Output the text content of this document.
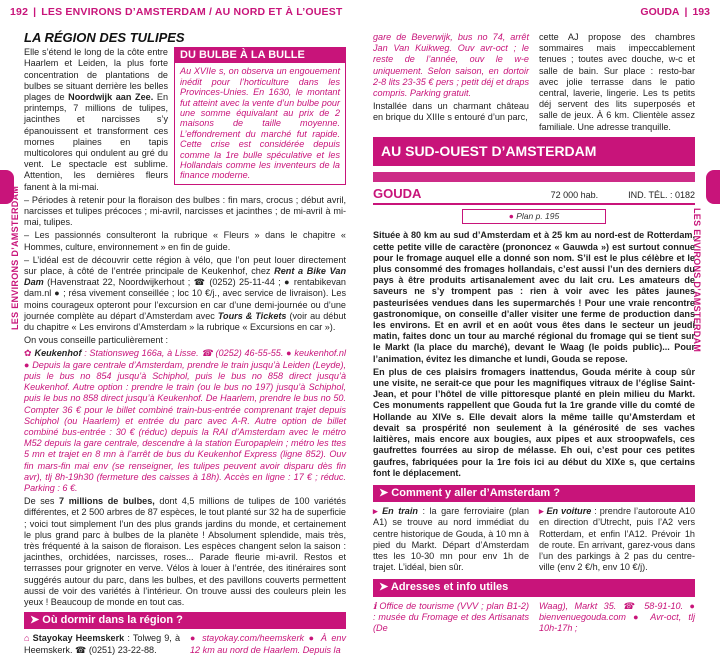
192 | LES ENVIRONS D’AMSTERDAM / AU NORD ET À L’OUEST	GOUDA | 193
LES ENVIRONS D’AMSTERDAM	LES ENVIRONS D’AMSTERDAM
LA RÉGION DES TULIPES
DU BULBE À LA BULLE
Au XVIIe s, on observa un engouement inédit pour l’horticulture dans les Provinces-Unies. En 1630, le montant fut atteint avec la vente d’un bulbe pour une somme équivalant au prix de 2 maisons de taille moyenne. L’effondrement du marché fut rapide. Cette crise est considérée depuis comme la 1re bulle spéculative et les Hollandais comme les inventeurs de la finance moderne.

Elle s’étend le long de la côte entre Haarlem et Leiden, la plus forte concentration de plantations de bulbes se situant derrière les belles plages de Noordwijk aan Zee. En printemps, 7 millions de tulipes, jacinthes et narcisses s’y épanouissent et transforment ces mornes plaines en tapis multicolores qui ondulent au gré du vent. Le spectacle est sublime. Attention, les dernières fleurs fanent à la mi-mai.

– Périodes à retenir pour la floraison des bulbes : fin mars, crocus ; début avril, narcisses et tulipes précoces ; mi-avril, narcisses et jacinthes ; de mi-avril à mi-mai, tulipes.

– Les passionnés consulteront la rubrique « Fleurs » dans le chapitre « Hommes, culture, environnement » en fin de guide.

– L’idéal est de découvrir cette région à vélo, que l’on peut louer directement sur place, à côté de l’entrée principale de Keukenhof, chez Rent a Bike Van Dam (Havenstraat 22, Noordwijkerhout ; ☎ (0252) 25-11-44 ; ● rentabikevan dam.nl ● ; résa vivement conseillée ; loc 10 €/j., avec service de livraison). Les moins courageux opteront pour l’excursion en car d’une demi-journée ou d’une journée complète au départ d’Amsterdam avec Tours & Tickets (voir au début du chapitre « Les environs d’Amsterdam » la rubrique « Excursions en car »).

On vous conseille particulièrement :

✿ Keukenhof : Stationsweg 166a, à Lisse. ☎ (0252) 46-55-55. ● keukenhof.nl ● Depuis la gare centrale d’Amsterdam, prendre le train jusqu’à Leiden (Leyde), puis le bus no 854 jusqu’à Schiphol, puis le bus no 858 direct jusqu’à Keukenhof. Autre option : prendre le train (ou le bus no 197) jusqu’à Schiphol, puis le bus no 858 direct jusqu’à Keukenhof. De Haarlem, prendre le bus no 50. Compter 36 € pour le billet combiné train-bus-entrée comprenant trajet depuis Schiphol (ou Haarlem) et entrée du parc avec A-R. Autre option de billet combiné bus-entrée : 30 € (réduc) depuis la RAI d’Amsterdam avec le métro M52 depuis la gare centrale, descendre à la station Europaplein ; métro les ttes 5 mn et trajet en 8 mn à l’arrêt de bus du Keukenhof Express (ligne 852). Ouv fin mars-fin mai env (se renseigner, les tulipes peuvent avoir disparu dès fin avr), tlj 8h-19h30 (fermeture des caisses à 18h). Accès en ligne : 17 € ; réduc. Parking : 6 €.

De ses 7 millions de bulbes, dont 4,5 millions de tulipes de 100 variétés différentes, et 2 500 arbres de 87 espèces, le tout planté sur 32 ha de superficie ; voici tout simplement l’un des plus grands jardins du monde, et certainement le plus grand parc à bulbes de la planète ! Absolument splendide, mais très, très fréquenté à la saison de floraison. Les espèces changent selon la saison : jacinthes, orchidées, narcisses, roses... Parade fleurie mi-avril. Restos et terrasses pour grignoter en verve. Vélos à louer à l’entrée, des itinéraires sont suggérés autour du parc, dans les bulbes, et des pavillons couverts permettent aussi de voir des variétés à l’intérieur. On trouve aussi des couleurs plein les yeux ! Beaucoup de monde en tout cas.

➤ Où dormir dans la région ?
⌂ Stayokay Heemskerk : Tolweg 9, à Heemskerk. ☎ (0251) 23-22-88.
● stayokay.com/heemskerk ● À env 12 km au nord de Haarlem. Depuis la

gare de Beverwijk, bus no 74, arrêt Jan Van Kuikweg. Ouv avr-oct ; le reste de l’année, ouv le w-e uniquement. Selon saison, en dortoir 2-8 lits 23-35 € pers ; petit déj et draps compris. Parking gratuit.

Installée dans un charmant château en brique du XIIIe s entouré d’un parc,

cette AJ propose des chambres sommaires mais impeccablement tenues ; toutes avec douche, w-c et salle de bain. Sur place : resto-bar avec jolie terrasse dans le patio central, laverie, lingerie. Les ts petits déj servent des lits superposés et salle de jeux. À 6 km. Clientèle assez familiale. Une adresse tranquille.
AU SUD-OUEST D’AMSTERDAM
GOUDA	72 000 hab.	IND. TÉL. : 0182
● Plan p. 195

Située à 80 km au sud d’Amsterdam et à 25 km au nord-est de Rotterdam, cette petite ville de caractère (prononcez « Gauwda ») est surtout connue pour le fromage auquel elle a donné son nom. S’il est le plus célèbre et le plus consommé des fromages hollandais, c’est aussi l’un des derniers du pays à être produits artisanalement avec du lait cru. Les amateurs de saveurs ne s’y trompent pas : rien à voir avec les pâtes jaunes pasteurisées vendues dans les supermarchés ! Pour une vraie rencontre gastronomique, on conseille d’aller visiter une ferme de production dans les environs. Et en avril et en août vous êtes dans le secteur un jeudi matin, faites donc un tour au marché régional du fromage qui se tient sur le Markt (la place du marché), devant le Waag (le poids public)... Pour l’animation, évitez les dimanche et lundi, Gouda se repose.

En plus de ces plaisirs fromagers inattendus, Gouda mérite à coup sûr une visite, ne serait-ce que pour les magnifiques vitraux de l’église Saint-Jean, et pour l’hôtel de ville pittoresque planté en plein milieu du Markt. Ces monuments rappellent que Gouda fut la 1re grande ville du comté de Hollande au XIVe s. Elle devait alors la même taille qu’Amsterdam et devait sa prospérité non seulement à la générosité de ses vaches laitières, mais encore aux bougies, aux pipes et aux stroopwafels, ces gaufrettes fourrées au sirop de mélasse. Eh oui, c’est pour ces petites gaufres, fabriquées pour la 1re fois ici au début du XIXe s, que certains font le déplacement.

➤ Comment y aller d’Amsterdam ?
▸ En train : la gare ferroviaire (plan A1) se trouve au nord immédiat du centre historique de Gouda, à 10 mn à pied du Markt. Départ d’Amsterdam ttes les 10-30 mn pour env 1h de trajet. L’idéal, bien sûr.
▸ En voiture : prendre l’autoroute A10 en direction d’Utrecht, puis l’A2 vers Rotterdam, et enfin l’A12. Prévoir 1h de route. En arrivant, garez-vous dans l’un des parkings à 2 pas du centre-ville (env 2 €/h, env 10 €/j).
➤ Adresses et info utiles
ℹ Office de tourisme (VVV ; plan B1-2) : musée du Fromage et des Artisanats (De
Waag), Markt 35. ☎ 58-91-10. ● bienvenuegouda.com ● Avr-oct, tlj 10h-17h ;
